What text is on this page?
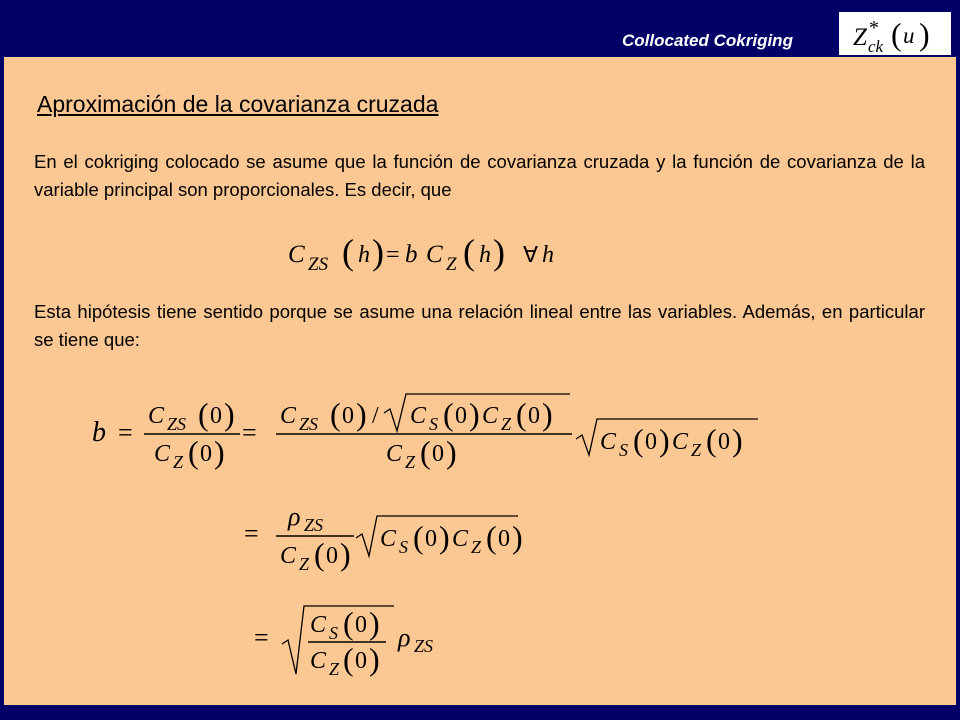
Collocated Cokriging Z *
ck ( u )
Aproximación de la covarianza cruzada
En el cokriging colocado se asume que la función de covarianza cruzada y la función de covarianza de la variable principal son proporcionales. Es decir, que
C ZS ( h ) = b C Z ( h ) ∀ h
Esta hipótesis tiene sentido porque se asume una relación lineal entre las variables. Además, en particular se tiene que:
b =
C ZS ( 0 )
C Z ( 0 )
=
C ZS ( 0 ) / C S ( 0 ) C Z ( 0 )
C Z ( 0 )	C S ( 0 ) C Z ( 0 )
=
ρ ZS
C Z ( 0 ) C S ( 0 ) C Z ( 0 )
= C S ( 0 )
C Z ( 0 )
ρ ZS
